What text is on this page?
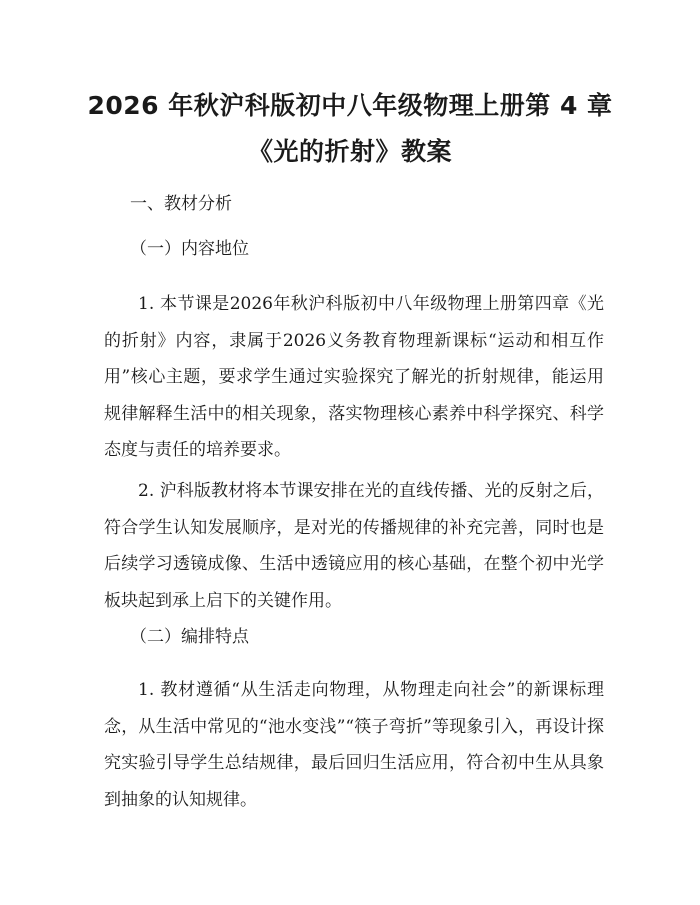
2026 年秋沪科版初中八年级物理上册第 4 章
《光的折射》教案

一、教材分析

（一）内容地位

1. 本节课是2026年秋沪科版初中八年级物理上册第四章《光的折射》内容，隶属于2026义务教育物理新课标“运动和相互作用”核心主题，要求学生通过实验探究了解光的折射规律，能运用规律解释生活中的相关现象，落实物理核心素养中科学探究、科学态度与责任的培养要求。

2. 沪科版教材将本节课安排在光的直线传播、光的反射之后，符合学生认知发展顺序，是对光的传播规律的补充完善，同时也是后续学习透镜成像、生活中透镜应用的核心基础，在整个初中光学板块起到承上启下的关键作用。

（二）编排特点

1. 教材遵循“从生活走向物理，从物理走向社会”的新课标理念，从生活中常见的“池水变浅”“筷子弯折”等现象引入，再设计探究实验引导学生总结规律，最后回归生活应用，符合初中生从具象到抽象的认知规律。
